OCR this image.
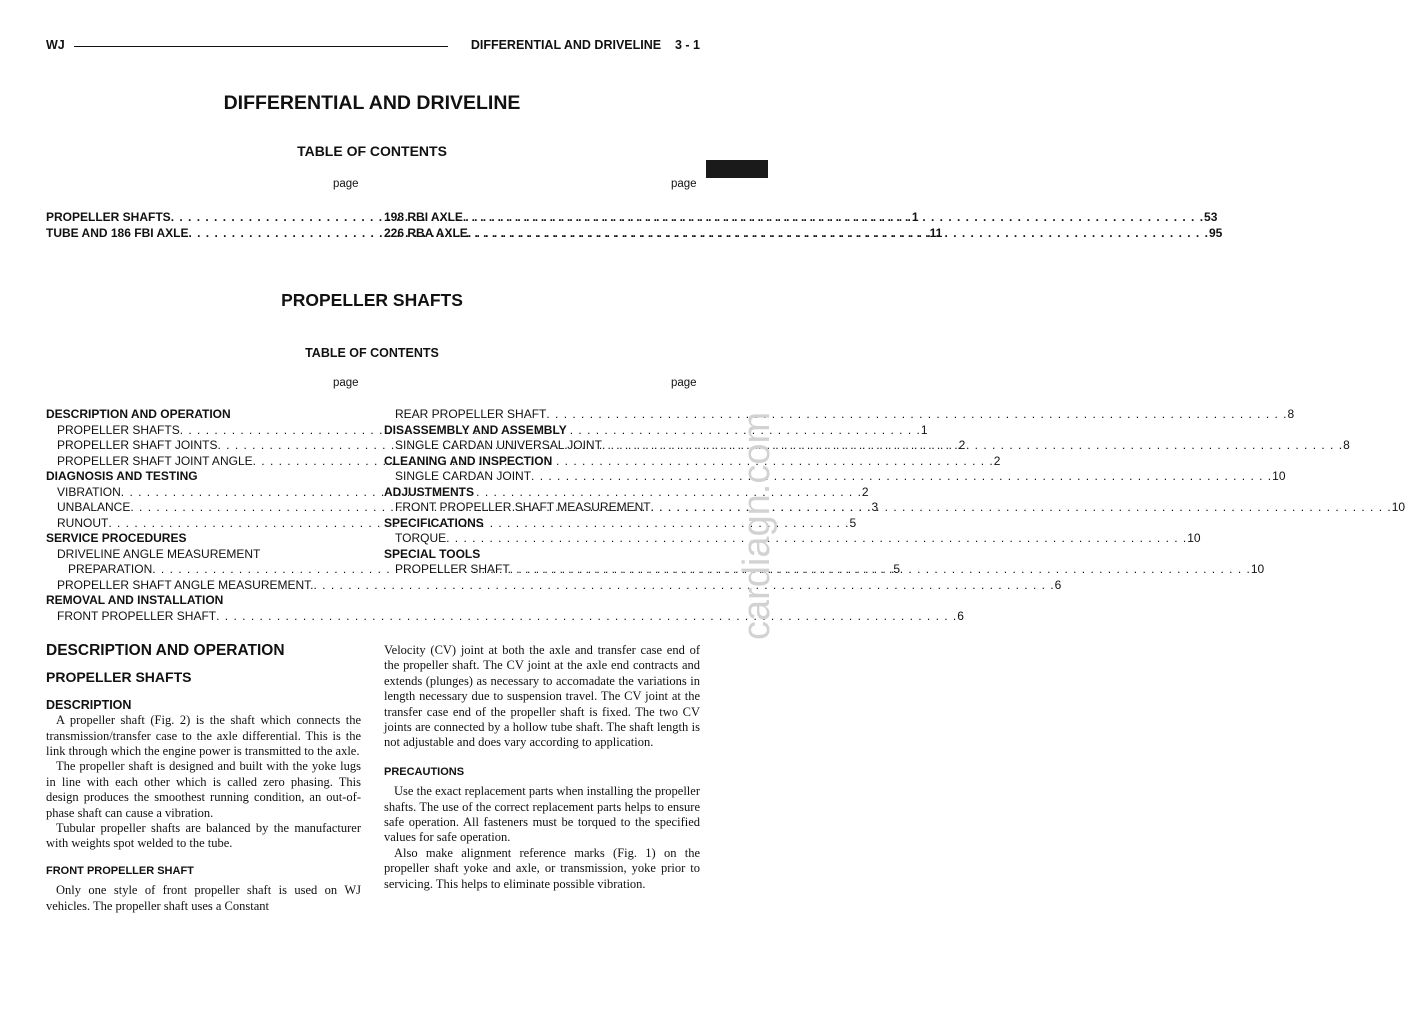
WJ	DIFFERENTIAL AND DRIVELINE    3 - 1
DIFFERENTIAL AND DRIVELINE
TABLE OF CONTENTS
page	page
PROPELLER SHAFTS . . .	1
TUBE AND 186 FBI AXLE . . .	11
198 RBI AXLE . . .	53
226 RBA AXLE . . .	95
PROPELLER SHAFTS
TABLE OF CONTENTS
page	page
DESCRIPTION AND OPERATION
PROPELLER SHAFTS . . .	1
PROPELLER SHAFT JOINTS . . .	2
PROPELLER SHAFT JOINT ANGLE . . .	2
DIAGNOSIS AND TESTING
VIBRATION . . .	2
UNBALANCE . . .	3
RUNOUT . . .	5
SERVICE PROCEDURES
DRIVELINE ANGLE MEASUREMENT
PREPARATION . . .	5
PROPELLER SHAFT ANGLE MEASUREMENT. . . .	6
REMOVAL AND INSTALLATION
FRONT PROPELLER SHAFT . . .	6
REAR PROPELLER SHAFT . . .	8
DISASSEMBLY AND ASSEMBLY
SINGLE CARDAN UNIVERSAL JOINT . . .	8
CLEANING AND INSPECTION
SINGLE CARDAN JOINT . . .	10
ADJUSTMENTS
FRONT PROPELLER SHAFT MEASUREMENT . . .	10
SPECIFICATIONS
TORQUE . . .	10
SPECIAL TOOLS
PROPELLER SHAFT . . .	10
DESCRIPTION AND OPERATION
PROPELLER SHAFTS
DESCRIPTION

A propeller shaft (Fig. 2) is the shaft which connects the transmission/transfer case to the axle differential. This is the link through which the engine power is transmitted to the axle.

The propeller shaft is designed and built with the yoke lugs in line with each other which is called zero phasing. This design produces the smoothest running condition, an out-of-phase shaft can cause a vibration.

Tubular propeller shafts are balanced by the manufacturer with weights spot welded to the tube.

FRONT PROPELLER SHAFT

Only one style of front propeller shaft is used on WJ vehicles. The propeller shaft uses a Constant

Velocity (CV) joint at both the axle and transfer case end of the propeller shaft. The CV joint at the axle end contracts and extends (plunges) as necessary to accomadate the variations in length necessary due to suspension travel. The CV joint at the transfer case end of the propeller shaft is fixed. The two CV joints are connected by a hollow tube shaft. The shaft length is not adjustable and does vary according to application.

PRECAUTIONS

Use the exact replacement parts when installing the propeller shafts. The use of the correct replacement parts helps to ensure safe operation. All fasteners must be torqued to the specified values for safe operation.

Also make alignment reference marks (Fig. 1) on the propeller shaft yoke and axle, or transmission, yoke prior to servicing. This helps to eliminate possible vibration.

cardiagn.com
